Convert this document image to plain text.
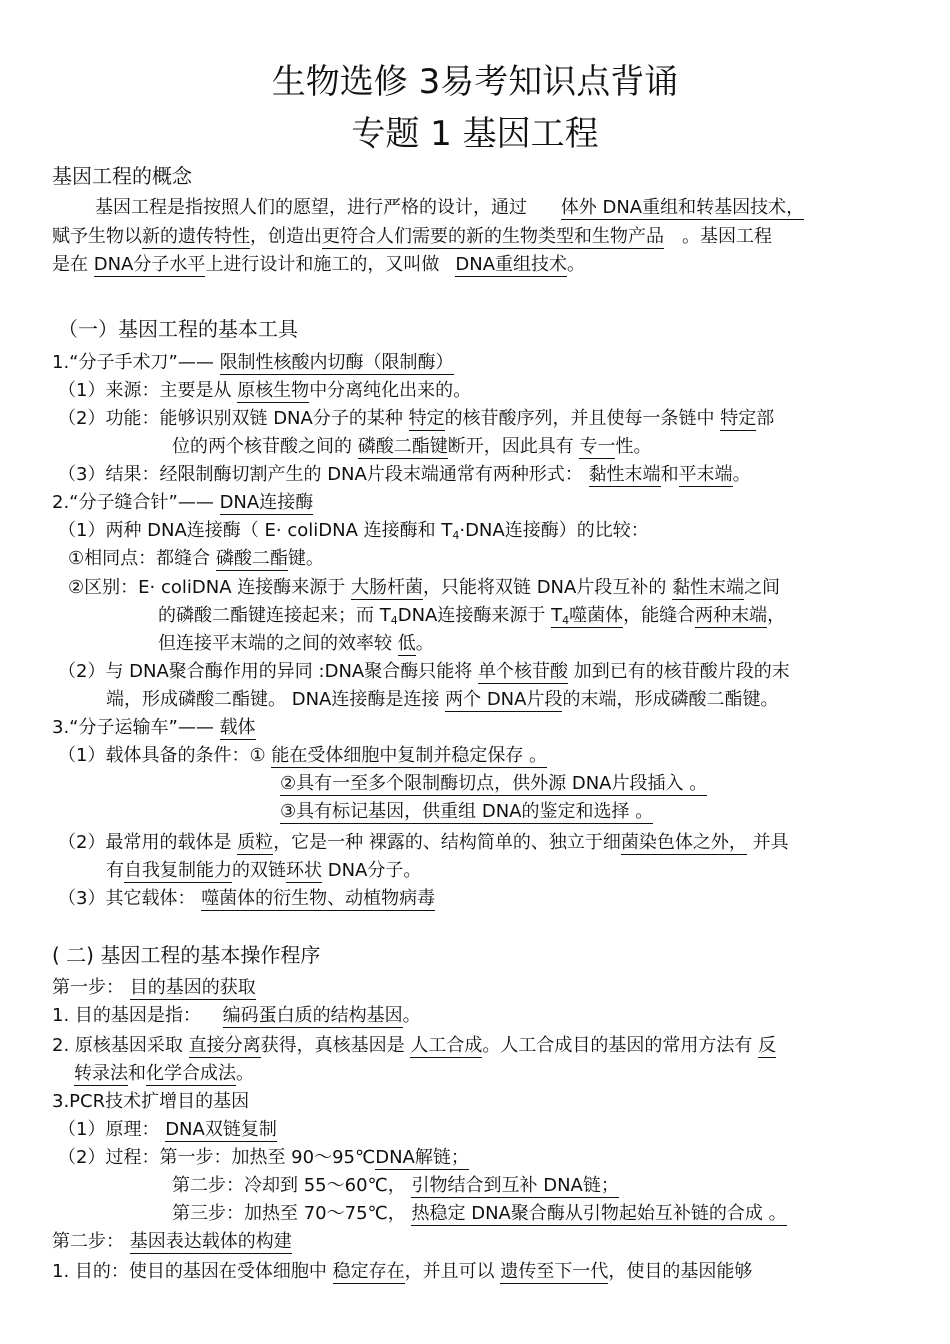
生物选修 3易考知识点背诵
专题 1 基因工程
基因工程的概念
基因工程是指按照人们的愿望，进行严格的设计，通过 体外 DNA重组和转基因技术，
赋予生物以新的遗传特性，创造出更符合人们需要的新的生物类型和生物产品 。基因工程
是在 DNA分子水平上进行设计和施工的，又叫做 DNA重组技术。
（一）基因工程的基本工具
1.“分子手术刀”—— 限制性核酸内切酶（限制酶）
（1）来源：主要是从 原核生物中分离纯化出来的。
（2）功能：能够识别双链 DNA分子的某种 特定的核苷酸序列，并且使每一条链中 特定部
位的两个核苷酸之间的 磷酸二酯键断开，因此具有 专一性。
（3）结果：经限制酶切割产生的 DNA片段末端通常有两种形式： 黏性末端和平末端。
2.“分子缝合针”—— DNA连接酶
（1）两种 DNA连接酶（ E· coliDNA 连接酶和 $T_4\cdot DNA$连接酶）的比较：
①相同点：都缝合 磷酸二酯键。
②区别：E· coliDNA 连接酶来源于 大肠杆菌，只能将双链 DNA片段互补的 黏性末端之间
的磷酸二酯键连接起来；而 $T_4DNA$连接酶来源于 $T_4$噬菌体，能缝合两种末端，
但连接平末端的之间的效率较 低。
（2）与 DNA聚合酶作用的异同 :DNA聚合酶只能将 单个核苷酸 加到已有的核苷酸片段的末
端，形成磷酸二酯键。 DNA连接酶是连接 两个 DNA片段的末端，形成磷酸二酯键。
3.“分子运输车”—— 载体
（1）载体具备的条件：① 能在受体细胞中复制并稳定保存 。
②具有一至多个限制酶切点，供外源 DNA片段插入 。
③具有标记基因，供重组 DNA的鉴定和选择 。
（2）最常用的载体是 质粒，它是一种 裸露的、结构简单的、独立于细菌染色体之外， 并具
有自我复制能力的双链环状 DNA分子。
（3）其它载体： 噬菌体的衍生物、动植物病毒
( 二) 基因工程的基本操作程序
第一步： 目的基因的获取
1. 目的基因是指： 编码蛋白质的结构基因。
2. 原核基因采取 直接分离获得，真核基因是 人工合成。人工合成目的基因的常用方法有 反
转录法和化学合成法。
3.PCR技术扩增目的基因
（1）原理： DNA双链复制
（2）过程：第一步：加热至 90～95℃DNA解链；
第二步：冷却到 55～60℃， 引物结合到互补 DNA链；
第三步：加热至 70～75℃， 热稳定 DNA聚合酶从引物起始互补链的合成 。
第二步： 基因表达载体的构建
1. 目的：使目的基因在受体细胞中 稳定存在，并且可以 遗传至下一代，使目的基因能够
